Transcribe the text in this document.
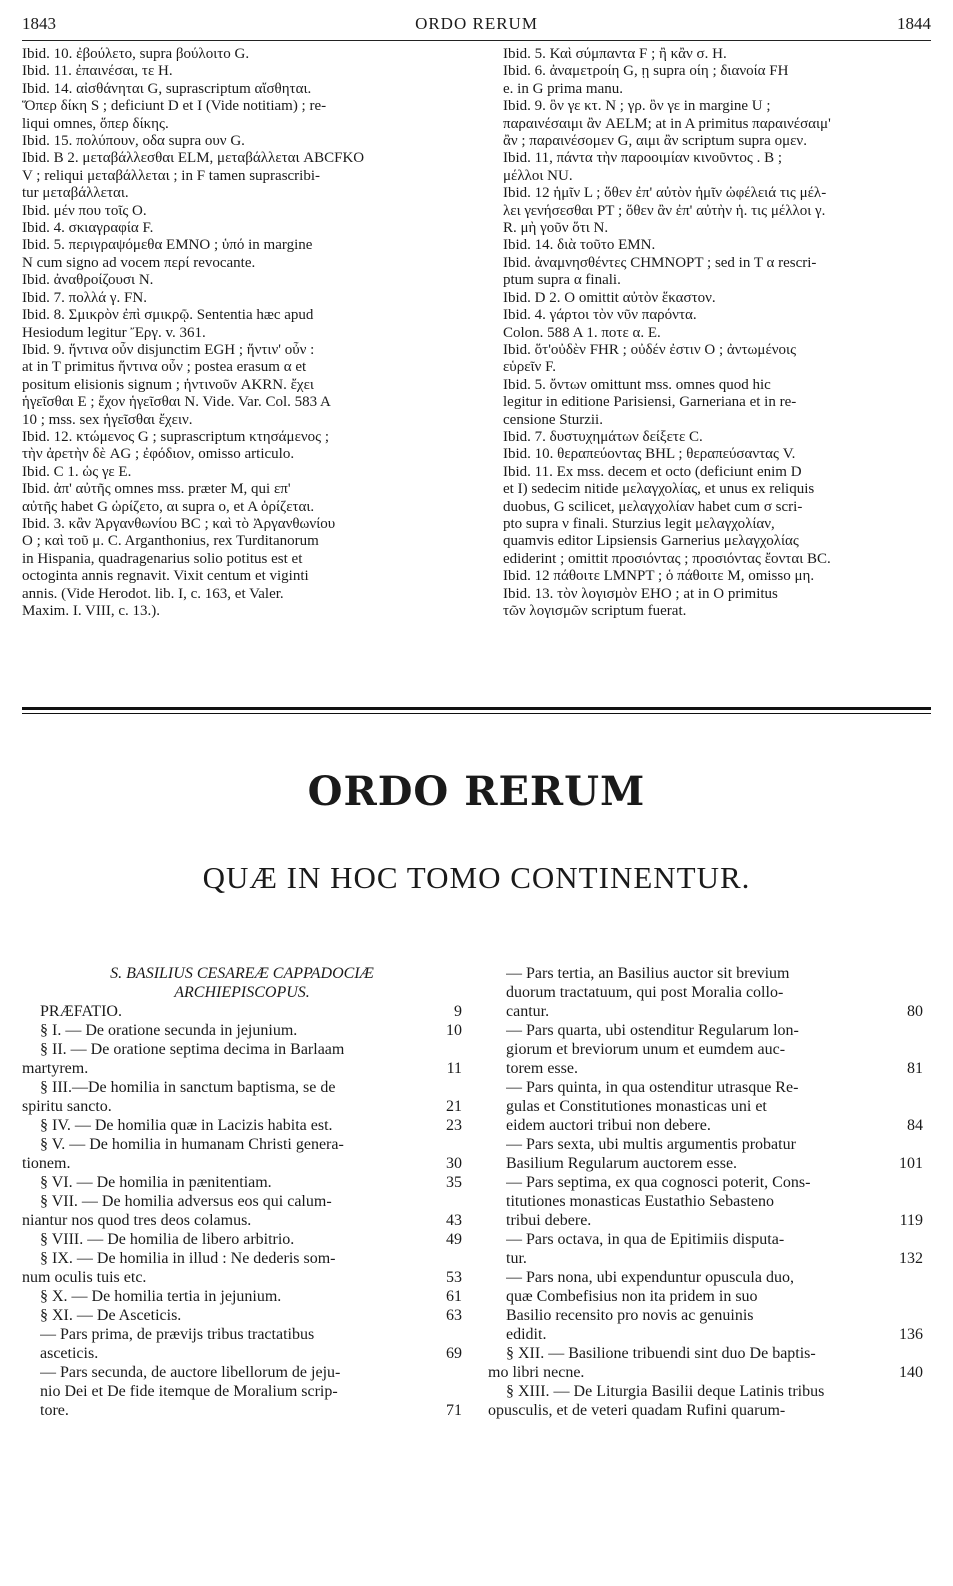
1843	ORDO RERUM	1844
Ibid. 10. ἐβούλετο, supra βούλοιτο G.
Ibid. 11. ἐπαινέσαι, τε H.
Ibid. 14. αἰσθάνηται G, suprascriptum αἴσθηται.
Ὅπερ δίκη S ; deficiunt D et I (Vide notitiam) ; re-
liqui omnes, ὅπερ δίκης.
Ibid. 15. πολύπουν, οδα supra ουν G.
Ibid. B 2. μεταβάλλεσθαι ELM, μεταβάλλεται ABCFKO
V ; reliqui μεταβάλλεται ; in F tamen suprascribi-
tur μεταβάλλεται.
Ibid. μέν που τοῖς O.
Ibid. 4. σκιαγραφία F.
Ibid. 5. περιγραψόμεθα EMNO ; ὑπό in margine
N cum signo ad vocem περί revocante.
Ibid. ἀναθροίζουσι N.
Ibid. 7. πολλά γ. FN.
Ibid. 8. Σμικρὸν ἐπὶ σμικρῷ. Sententia hæc apud
Hesiodum legitur Ἔργ. v. 361.
Ibid. 9. ἥντινα οὖν disjunctim EGH ; ἥντιν' οὖν :
at in T primitus ἥντινα οὖν ; postea erasum α et
positum elisionis signum ; ἡντινοῦν AKRN. ἔχει
ἡγεῖσθαι E ; ἔχον ἡγεῖσθαι N. Vide. Var. Col. 583 A
10 ; mss. sex ἡγεῖσθαι ἔχειν.
Ibid. 12. κτώμενος G ; suprascriptum κτησάμενος ;
τὴν ἀρετὴν δὲ AG ; ἐφόδιον, omisso articulo.
Ibid. C 1. ὡς γε E.
Ibid. ἀπ' αὐτῆς omnes mss. præter M, qui επ'
αὐτῆς habet G ὡρίζετο, αι supra ο, et A ὁρίζεται.
Ibid. 3. κἂν Ἀργανθωνίου BC ; καὶ τὸ Ἀργανθωνίου
O ; καὶ τοῦ μ. C. Arganthonius, rex Turditanorum
in Hispania, quadragenarius solio potitus est et
octoginta annis regnavit. Vixit centum et viginti
annis. (Vide Herodot. lib. I, c. 163, et Valer.
Maxim. I. VIII, c. 13.).
Ibid. 5. Καὶ σύμπαντα F ; ἢ κἂν σ. H.
Ibid. 6. ἀναμετροίη G, ῃ supra οίη ; διανοία FH
e. in G prima manu.
Ibid. 9. ὃν γε κτ. N ; γρ. ὃν γε in margine U ;
παραινέσαιμι ἂν AELM; at in A primitus παραινέσαιμ'
ἂν ; παραινέσομεν G, αιμι ἂν scriptum supra ομεν.
Ibid. 11, πάντα τὴν παροοιμίαν κινοῦντος . B ;
μέλλοι NU.
Ibid. 12 ἡμῖν L ; ὅθεν ἐπ' αὐτὸν ἡμῖν ὠφέλειά τις μέλ-
λει γενήσεσθαι PT ; ὅθεν ἂν ἐπ' αὐτὴν ἡ. τις μέλλοι γ.
R. μὴ γοῦν ὅτι N.
Ibid. 14. διὰ τοῦτο EMN.
Ibid. ἀναμνησθέντες CHMNOPT ; sed in T α rescri-
ptum supra α finali.
Ibid. D 2. O omittit αὐτὸν ἕκαστον.
Ibid. 4. γάρτοι τὸν νῦν παρόντα.
Colon. 588 A 1. ποτε α. E.
Ibid. ὅτ'οὐδὲν FHR ; οὐδέν ἐστιν O ; ἀντωμένοις
εὑρεῖν F.
Ibid. 5. ὄντων omittunt mss. omnes quod hic
legitur in editione Parisiensi, Garneriana et in re-
censione Sturzii.
Ibid. 7. δυστυχημάτων δείξετε C.
Ibid. 10. θεραπεύοντας BHL ; θεραπεύσαντας V.
Ibid. 11. Ex mss. decem et octo (deficiunt enim D
et I) sedecim nitide μελαγχολίας, et unus ex reliquis
duobus, G scilicet, μελαγχολίαν habet cum σ scri-
pto supra ν finali. Sturzius legit μελαγχολίαν,
quamvis editor Lipsiensis Garnerius μελαγχολίας
ediderint ; omittit προσιόντας ; προσιόντας ἔονται BC.
Ibid. 12 πάθοιτε LMNPT ; ὁ πάθοιτε M, omisso μη.
Ibid. 13. τὸν λογισμὸν EHO ; at in O primitus
τῶν λογισμῶν scriptum fuerat.
ORDO RERUM
QUÆ IN HOC TOMO CONTINENTUR.
S. BASILIUS CESAREÆ CAPPADOCIÆ
ARCHIEPISCOPUS.
PRÆFATIO.	9
§ I. — De oratione secunda in jejunium.	10
§ II. — De oratione septima decima in Barlaam
martyrem.	11
§ III.—De homilia in sanctum baptisma, se de
spiritu sancto.	21
§ IV. — De homilia quæ in Lacizis habita est.	23
§ V. — De homilia in humanam Christi genera-
tionem.	30
§ VI. — De homilia in pænitentiam.	35
§ VII. — De homilia adversus eos qui calum-
niantur nos quod tres deos colamus.	43
§ VIII. — De homilia de libero arbitrio.	49
§ IX. — De homilia in illud : Ne dederis som-
num oculis tuis etc.	53
§ X. — De homilia tertia in jejunium.	61
§ XI. — De Asceticis.	63
— Pars prima, de prævijs tribus tractatibus
asceticis.	69
— Pars secunda, de auctore libellorum de jeju-
nio Dei et De fide itemque de Moralium scrip-
tore.	71
— Pars tertia, an Basilius auctor sit brevium
duorum tractatuum, qui post Moralia collo-
cantur.	80
— Pars quarta, ubi ostenditur Regularum lon-
giorum et breviorum unum et eumdem auc-
torem esse.	81
— Pars quinta, in qua ostenditur utrasque Re-
gulas et Constitutiones monasticas uni et
eidem auctori tribui non debere.	84
— Pars sexta, ubi multis argumentis probatur
Basilium Regularum auctorem esse.	101
— Pars septima, ex qua cognosci poterit, Cons-
titutiones monasticas Eustathio Sebasteno
tribui debere.	119
— Pars octava, in qua de Epitimiis disputa-
tur.	132
— Pars nona, ubi expenduntur opuscula duo,
quæ Combefisius non ita pridem in suo
Basilio recensito pro novis ac genuinis
edidit.	136
§ XII. — Basilione tribuendi sint duo De baptis-
mo libri necne.	140
§ XIII. — De Liturgia Basilii deque Latinis tribus
opusculis, et de veteri quadam Rufini quarum-
